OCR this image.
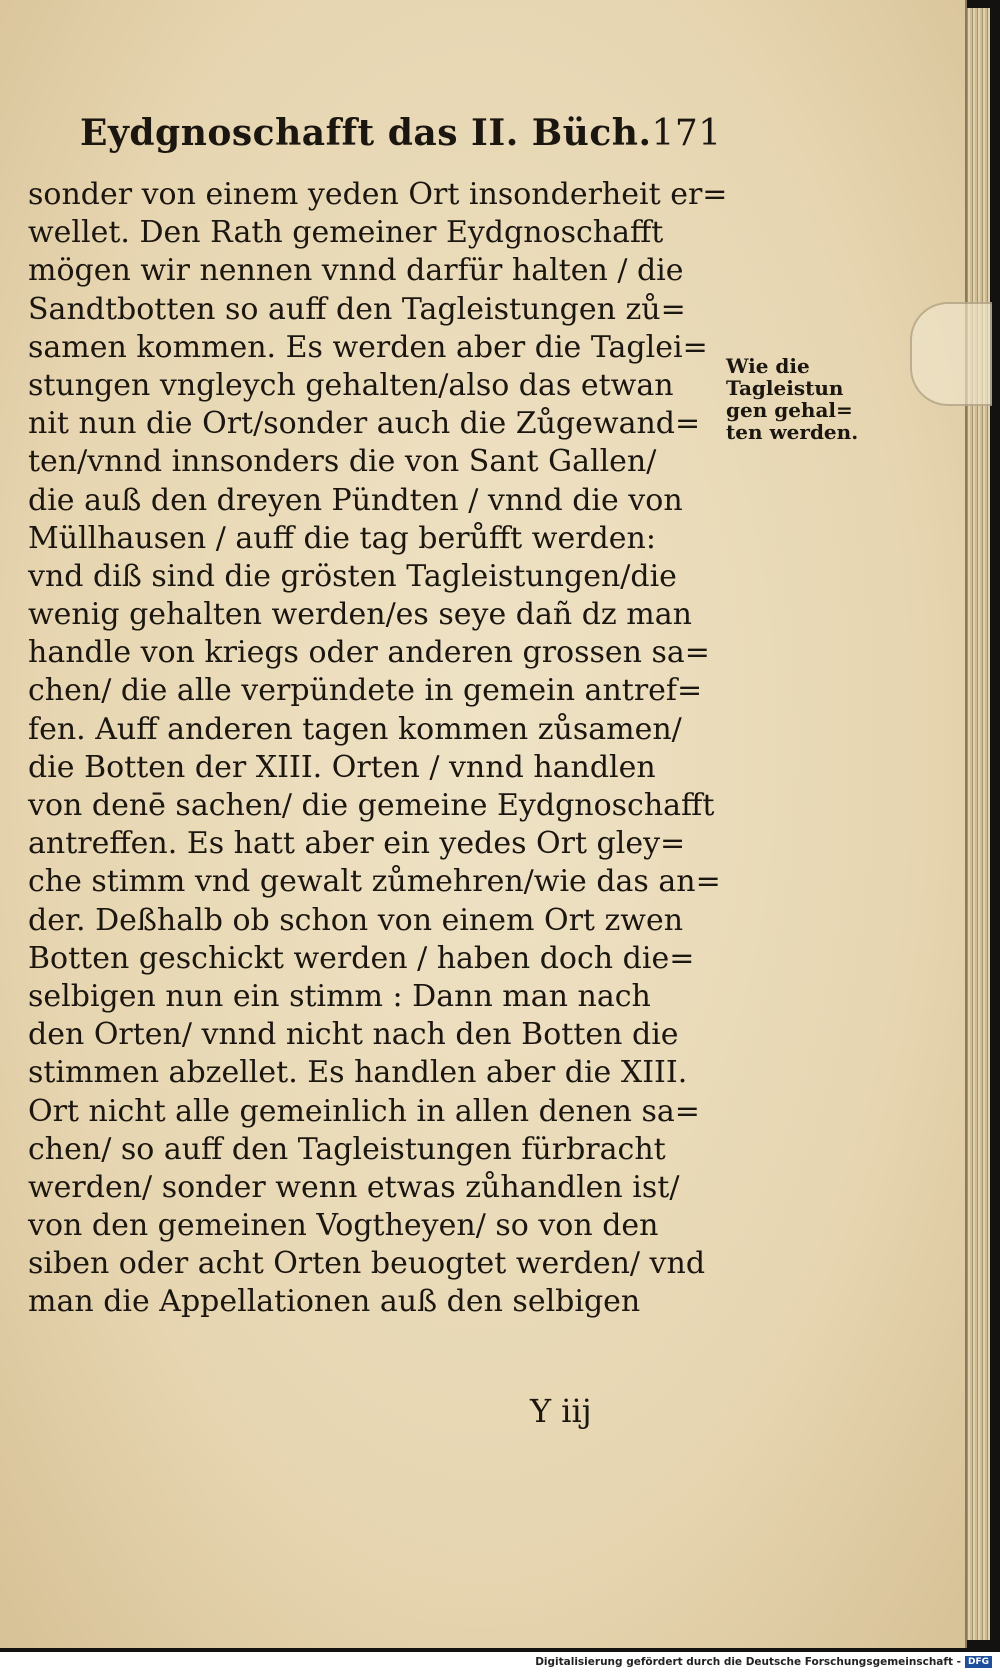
Eydgnoschafft das II. Büch. 171
sonder von einem yeden Ort insonderheit er=
wellet. Den Rath gemeiner Eydgnoschafft
mögen wir nennen vnnd darfür halten / die
Sandtbotten so auff den Tagleistungen zů=
samen kommen. Es werden aber die Taglei=
stungen vngleych gehalten/also das etwan
nit nun die Ort/sonder auch die Zůgewand=
ten/vnnd innsonders die von Sant Gallen/
die auß den dreyen Pündten / vnnd die von
Müllhausen / auff die tag berůfft werden:
vnd diß sind die grösten Tagleistungen/die
wenig gehalten werden/es seye dañ dz man
handle von kriegs oder anderen grossen sa=
chen/ die alle verpündete in gemein antref=
fen. Auff anderen tagen kommen zůsamen/
die Botten der XIII. Orten / vnnd handlen
von denē sachen/ die gemeine Eydgnoschafft
antreffen. Es hatt aber ein yedes Ort gley=
che stimm vnd gewalt zůmehren/wie das an=
der. Deßhalb ob schon von einem Ort zwen
Botten geschickt werden / haben doch die=
selbigen nun ein stimm : Dann man nach
den Orten/ vnnd nicht nach den Botten die
stimmen abzellet. Es handlen aber die XIII.
Ort nicht alle gemeinlich in allen denen sa=
chen/ so auff den Tagleistungen fürbracht
werden/ sonder wenn etwas zůhandlen ist/
von den gemeinen Vogtheyen/ so von den
siben oder acht Orten beuogtet werden/ vnd
man die Appellationen auß den selbigen
Wie die
Tagleistun
gen gehal=
ten werden.
Y iij
Digitalisierung gefördert durch die Deutsche Forschungsgemeinschaft - DFG
